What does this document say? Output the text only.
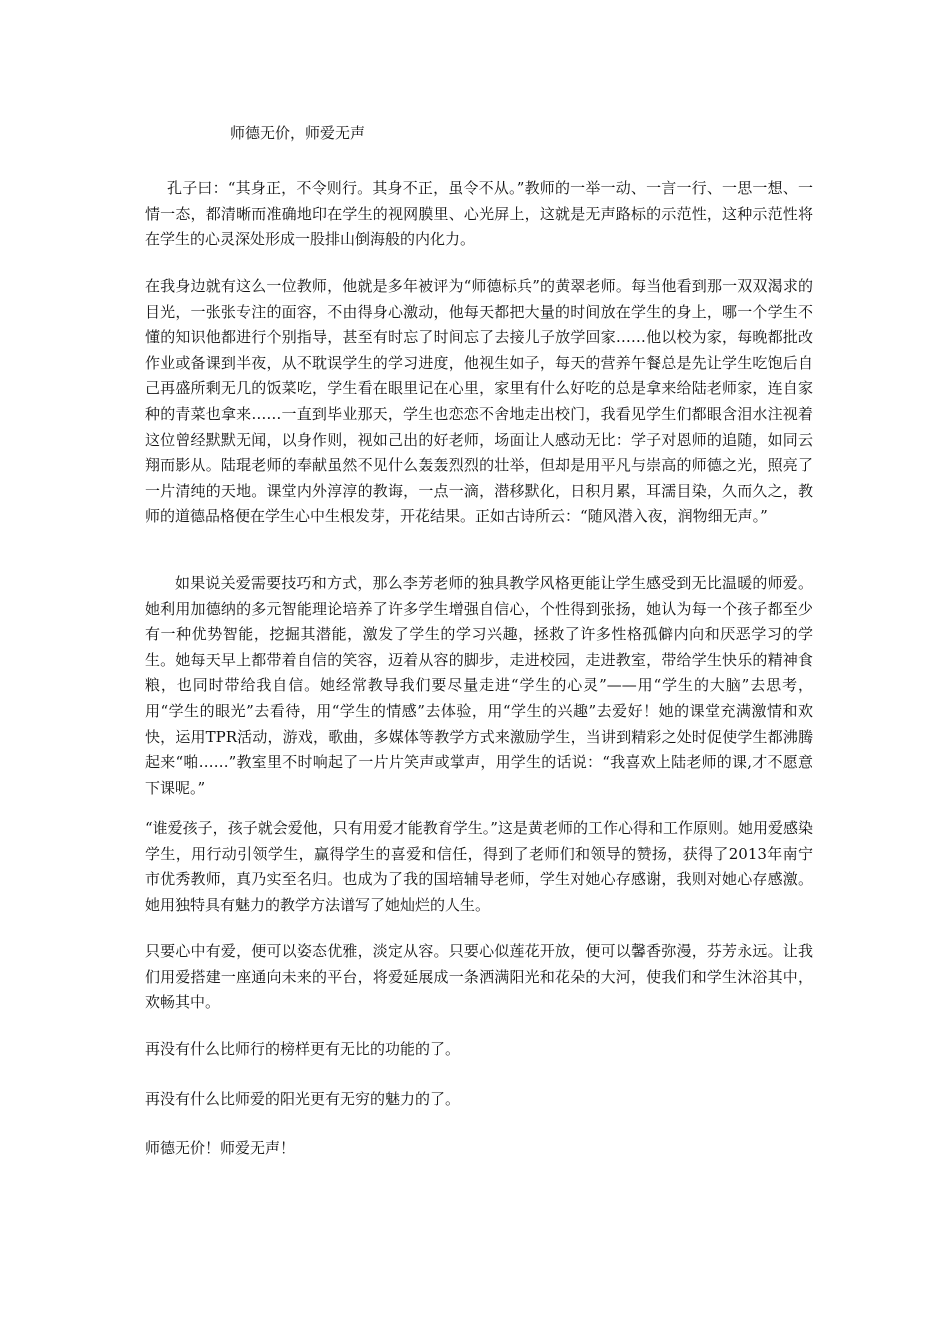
师德无价，师爱无声

孔子曰：“其身正，不令则行。其身不正，虽令不从。”教师的一举一动、一言一行、一思一想、一情一态，都清晰而准确地印在学生的视网膜里、心光屏上，这就是无声路标的示范性，这种示范性将在学生的心灵深处形成一股排山倒海般的内化力。

在我身边就有这么一位教师，他就是多年被评为“师德标兵”的黄翠老师。每当他看到那一双双渴求的目光，一张张专注的面容，不由得身心激动，他每天都把大量的时间放在学生的身上，哪一个学生不懂的知识他都进行个别指导，甚至有时忘了时间忘了去接儿子放学回家……他以校为家，每晚都批改作业或备课到半夜，从不耽误学生的学习进度，他视生如子，每天的营养午餐总是先让学生吃饱后自己再盛所剩无几的饭菜吃，学生看在眼里记在心里，家里有什么好吃的总是拿来给陆老师家，连自家种的青菜也拿来……一直到毕业那天，学生也恋恋不舍地走出校门，我看见学生们都眼含泪水注视着这位曾经默默无闻，以身作则，视如己出的好老师，场面让人感动无比：学子对恩师的追随，如同云翔而影从。陆琨老师的奉献虽然不见什么轰轰烈烈的壮举，但却是用平凡与崇高的师德之光，照亮了一片清纯的天地。课堂内外淳淳的教诲，一点一滴，潜移默化，日积月累，耳濡目染，久而久之，教师的道德品格便在学生心中生根发芽，开花结果。正如古诗所云：“随风潜入夜，润物细无声。”

如果说关爱需要技巧和方式，那么李芳老师的独具教学风格更能让学生感受到无比温暖的师爱。她利用加德纳的多元智能理论培养了许多学生增强自信心，个性得到张扬，她认为每一个孩子都至少有一种优势智能，挖掘其潜能，激发了学生的学习兴趣，拯救了许多性格孤僻内向和厌恶学习的学生。她每天早上都带着自信的笑容，迈着从容的脚步，走进校园，走进教室，带给学生快乐的精神食粮，也同时带给我自信。她经常教导我们要尽量走进“学生的心灵”——用“学生的大脑”去思考，用“学生的眼光”去看待，用“学生的情感”去体验，用“学生的兴趣”去爱好！她的课堂充满激情和欢快，运用TPR活动，游戏，歌曲，多媒体等教学方式来激励学生，当讲到精彩之处时促使学生都沸腾起来“啪……”教室里不时响起了一片片笑声或掌声，用学生的话说：“我喜欢上陆老师的课,才不愿意下课呢。”

“谁爱孩子，孩子就会爱他，只有用爱才能教育学生。”这是黄老师的工作心得和工作原则。她用爱感染学生，用行动引领学生，赢得学生的喜爱和信任，得到了老师们和领导的赞扬，获得了2013年南宁市优秀教师，真乃实至名归。也成为了我的国培辅导老师，学生对她心存感谢，我则对她心存感激。她用独特具有魅力的教学方法谱写了她灿烂的人生。

只要心中有爱，便可以姿态优雅，淡定从容。只要心似莲花开放，便可以馨香弥漫，芬芳永远。让我们用爱搭建一座通向未来的平台，将爱延展成一条洒满阳光和花朵的大河，使我们和学生沐浴其中，欢畅其中。

再没有什么比师行的榜样更有无比的功能的了。

再没有什么比师爱的阳光更有无穷的魅力的了。

师德无价！师爱无声！
